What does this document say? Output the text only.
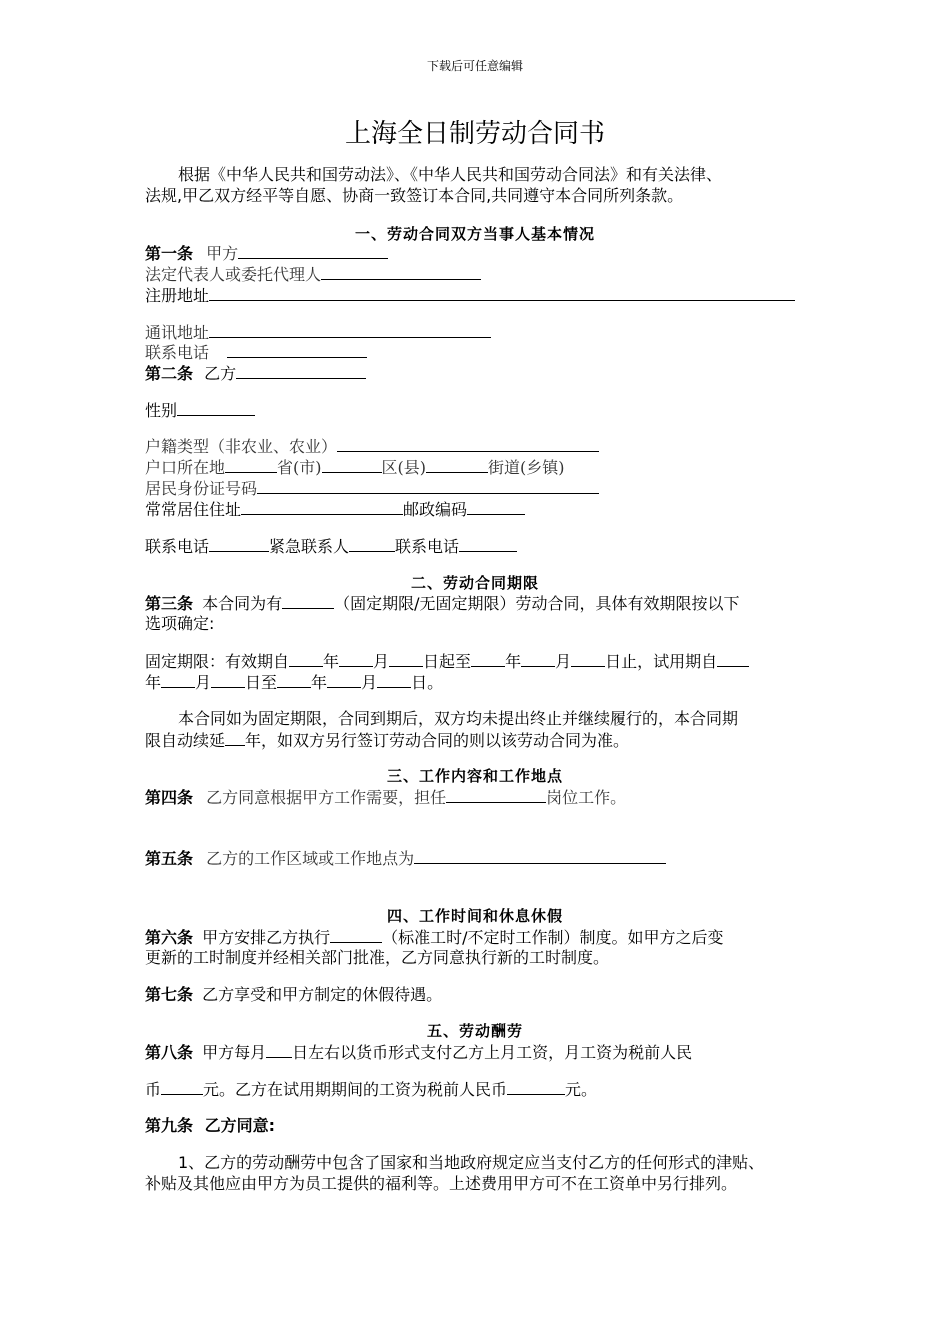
下载后可任意编辑
上海全日制劳动合同书
根据《中华人民共和国劳动法》、《中华人民共和国劳动合同法》和有关法律、
法规,甲乙双方经平等自愿、协商一致签订本合同,共同遵守本合同所列条款。
一、劳动合同双方当事人基本情况
第一条 甲方
法定代表人或委托代理人
注册地址
通讯地址
联系电话
第二条 乙方
性别
户籍类型（非农业、农业）
户口所在地	省(市)	区(县)	街道(乡镇)
居民身份证号码
常常居住住址	邮政编码
联系电话	紧急联系人	联系电话
二、劳动合同期限
第三条 本合同为有	（固定期限/无固定期限）劳动合同，具体有效期限按以下
选项确定:
固定期限：有效期自 年 月 日起至 年 月 日止，试用期自
年 月 日至 年 月 日。
本合同如为固定期限，合同到期后，双方均未提出终止并继续履行的，本合同期
限自动续延 年，如双方另行签订劳动合同的则以该劳动合同为准。
三、工作内容和工作地点
第四条 乙方同意根据甲方工作需要，担任	岗位工作。
第五条 乙方的工作区域或工作地点为
四、工作时间和休息休假
第六条 甲方安排乙方执行	（标准工时/不定时工作制）制度。如甲方之后变
更新的工时制度并经相关部门批准，乙方同意执行新的工时制度。
第七条 乙方享受和甲方制定的休假待遇。
五、劳动酬劳
第八条 甲方每月 日左右以货币形式支付乙方上月工资，月工资为税前人民
币	元。乙方在试用期期间的工资为税前人民币	元。
第九条 乙方同意:
1、乙方的劳动酬劳中包含了国家和当地政府规定应当支付乙方的任何形式的津贴、
补贴及其他应由甲方为员工提供的福利等。上述费用甲方可不在工资单中另行排列。
